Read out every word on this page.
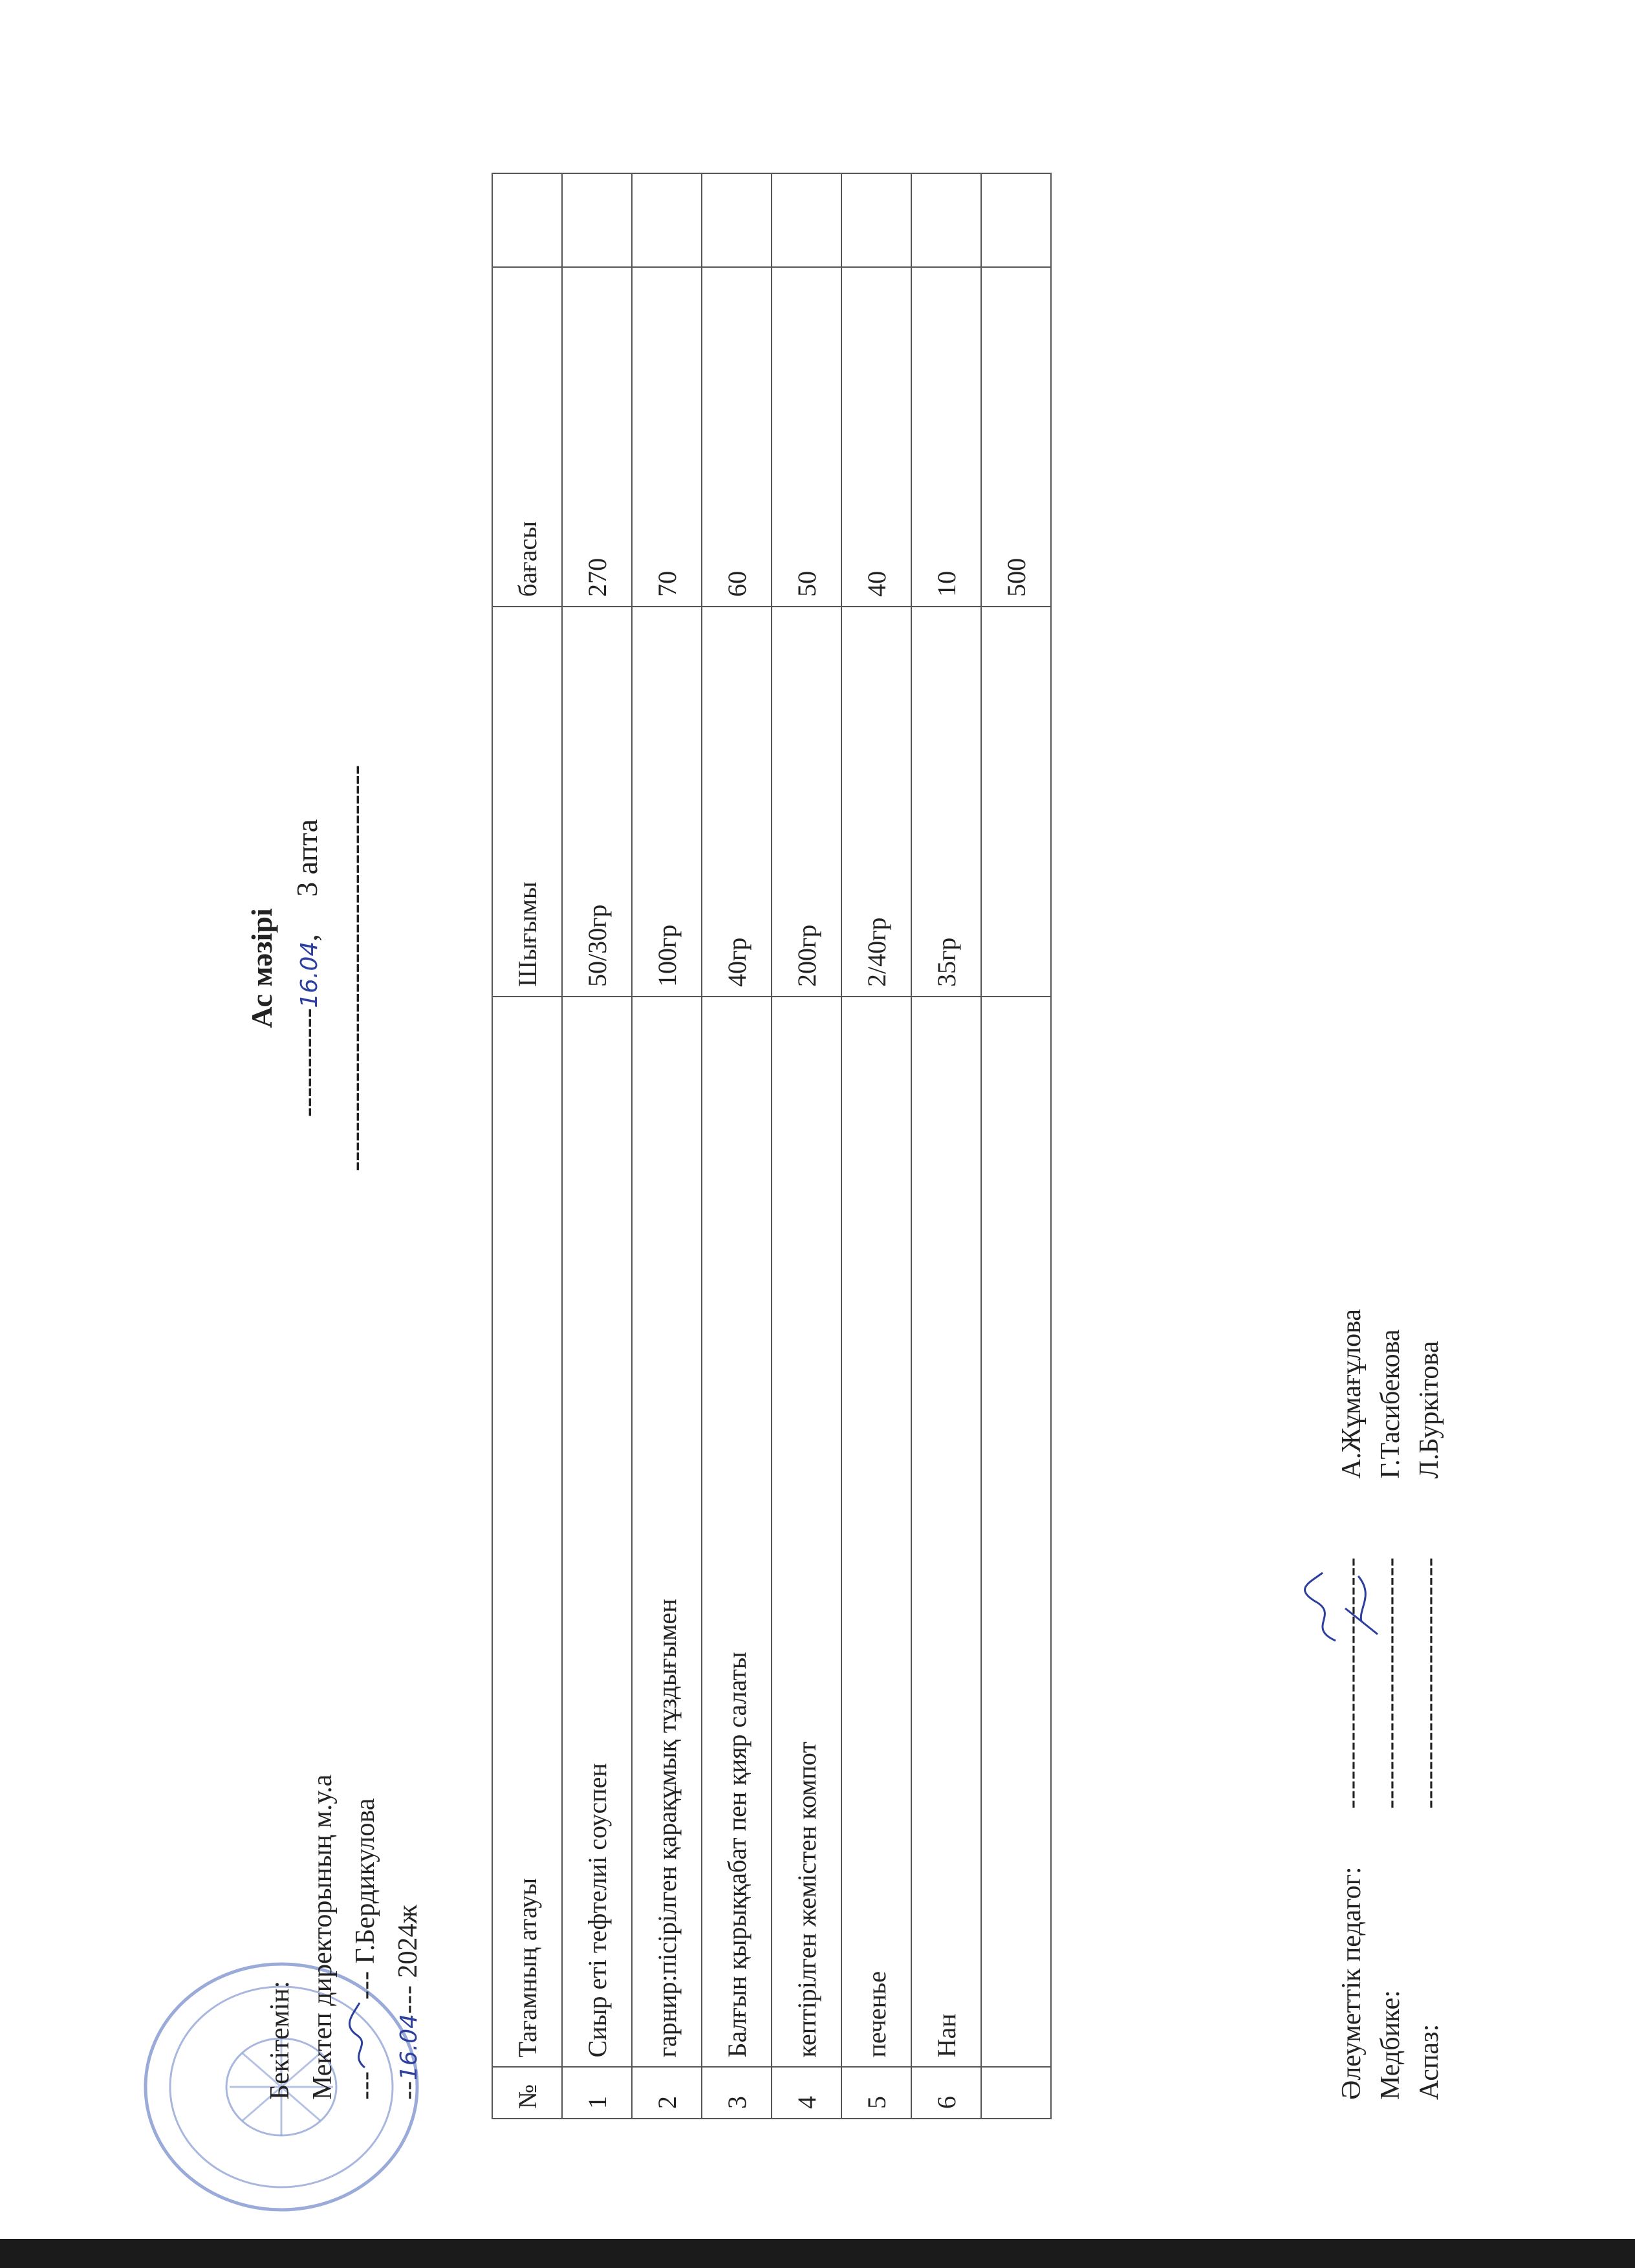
Бекітемін: Мектеп директорының м.у.а ------ Г.Бердикулова
--16.04--- 2024ж
Ас мәзірі
-----------16.04,     3 апта -----------------------------------------
№	Тағамның атауы	Шығымы	бағасы	
1	Сиыр еті тефтелиі соуспен	50/30гр	270	
2	гарнир:пісірілген қарақұмық тұздығымен	100гр	70	
3	Балғын қырыққабат пен қияр салаты	40гр	60	
4	кептірілген жемістен компот	200гр	50	
5	печенье	2/40гр	40	
6	Нан	35гр	10	
			500	
Әлеуметтік педагог:--------------------------
А.Жұмағұлова
Медбике:--------------------------
Г.Тасибекова
Аспаз:-------------------------- Л.Буркітова
